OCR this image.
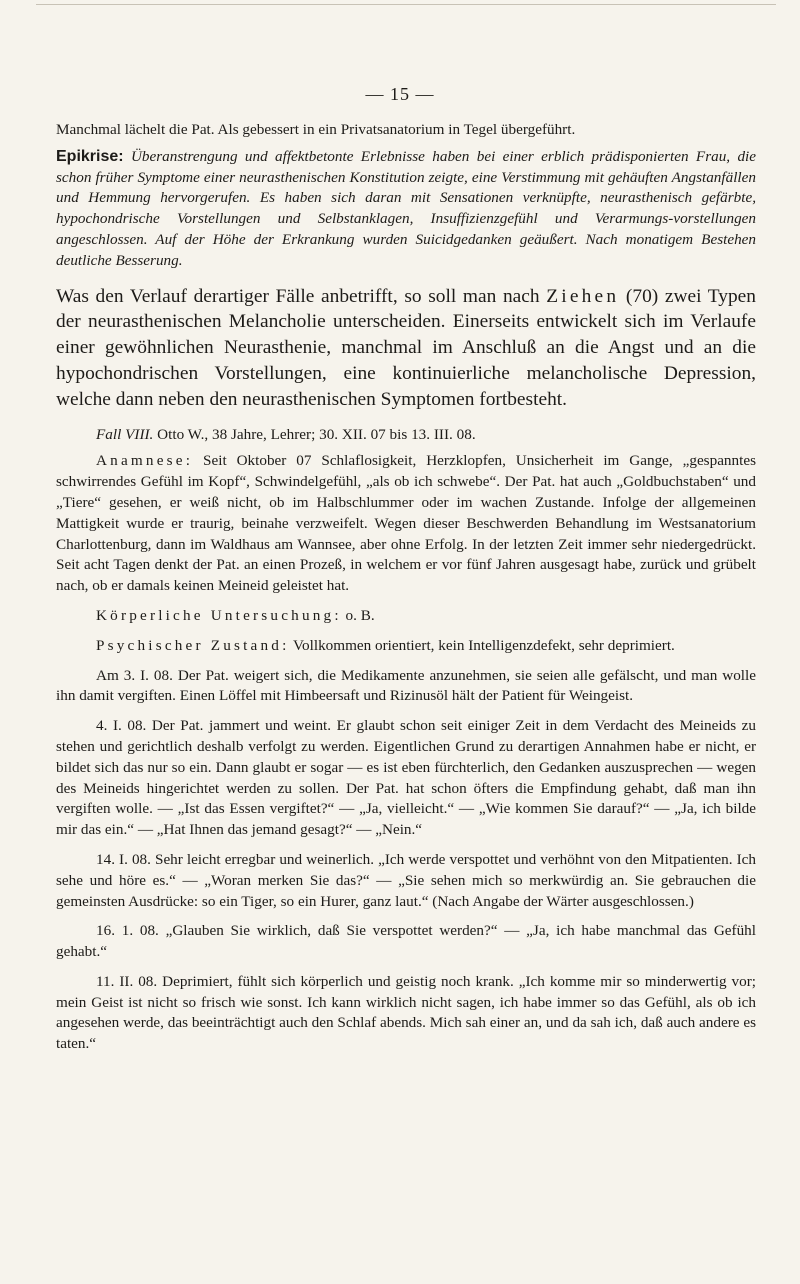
— 15 —

Manchmal lächelt die Pat. Als gebessert in ein Privatsanatorium in Tegel übergeführt.

Epikrise: Überanstrengung und affektbetonte Erlebnisse haben bei einer erblich prädisponierten Frau, die schon früher Symptome einer neurasthenischen Konstitution zeigte, eine Verstimmung mit gehäuften Angstanfällen und Hemmung hervorgerufen. Es haben sich daran mit Sensationen verknüpfte, neurasthenisch gefärbte, hypochondrische Vorstellungen und Selbstanklagen, Insuffizienzgefühl und Verarmungs-vorstellungen angeschlossen. Auf der Höhe der Erkrankung wurden Suicidgedanken geäußert. Nach monatigem Bestehen deutliche Besserung.

Was den Verlauf derartiger Fälle anbetrifft, so soll man nach Ziehen (70) zwei Typen der neurasthenischen Melancholie unterscheiden. Einerseits entwickelt sich im Verlaufe einer gewöhnlichen Neurasthenie, manchmal im Anschluß an die Angst und an die hypochondrischen Vorstellungen, eine kontinuierliche melancholische Depression, welche dann neben den neurasthenischen Symptomen fortbesteht.

Fall VIII. Otto W., 38 Jahre, Lehrer; 30. XII. 07 bis 13. III. 08.

Anamnese: Seit Oktober 07 Schlaflosigkeit, Herzklopfen, Unsicherheit im Gange, „gespanntes schwirrendes Gefühl im Kopf“, Schwindelgefühl, „als ob ich schwebe“. Der Pat. hat auch „Goldbuchstaben“ und „Tiere“ gesehen, er weiß nicht, ob im Halbschlummer oder im wachen Zustande. Infolge der allgemeinen Mattigkeit wurde er traurig, beinahe verzweifelt. Wegen dieser Beschwerden Behandlung im Westsanatorium Charlottenburg, dann im Waldhaus am Wannsee, aber ohne Erfolg. In der letzten Zeit immer sehr niedergedrückt. Seit acht Tagen denkt der Pat. an einen Prozeß, in welchem er vor fünf Jahren ausgesagt habe, zurück und grübelt nach, ob er damals keinen Meineid geleistet hat.

Körperliche Untersuchung: o. B.

Psychischer Zustand: Vollkommen orientiert, kein Intelligenzdefekt, sehr deprimiert.

Am 3. I. 08. Der Pat. weigert sich, die Medikamente anzunehmen, sie seien alle gefälscht, und man wolle ihn damit vergiften. Einen Löffel mit Himbeersaft und Rizinusöl hält der Patient für Weingeist.

4. I. 08. Der Pat. jammert und weint. Er glaubt schon seit einiger Zeit in dem Verdacht des Meineids zu stehen und gerichtlich deshalb verfolgt zu werden. Eigentlichen Grund zu derartigen Annahmen habe er nicht, er bildet sich das nur so ein. Dann glaubt er sogar — es ist eben fürchterlich, den Gedanken auszusprechen — wegen des Meineids hingerichtet werden zu sollen. Der Pat. hat schon öfters die Empfindung gehabt, daß man ihn vergiften wolle. — „Ist das Essen vergiftet?“ — „Ja, vielleicht.“ — „Wie kommen Sie darauf?“ — „Ja, ich bilde mir das ein.“ — „Hat Ihnen das jemand gesagt?“ — „Nein.“

14. I. 08. Sehr leicht erregbar und weinerlich. „Ich werde verspottet und verhöhnt von den Mitpatienten. Ich sehe und höre es.“ — „Woran merken Sie das?“ — „Sie sehen mich so merkwürdig an. Sie gebrauchen die gemeinsten Ausdrücke: so ein Tiger, so ein Hurer, ganz laut.“ (Nach Angabe der Wärter ausgeschlossen.)

16. 1. 08. „Glauben Sie wirklich, daß Sie verspottet werden?“ — „Ja, ich habe manchmal das Gefühl gehabt.“

11. II. 08. Deprimiert, fühlt sich körperlich und geistig noch krank. „Ich komme mir so minderwertig vor; mein Geist ist nicht so frisch wie sonst. Ich kann wirklich nicht sagen, ich habe immer so das Gefühl, als ob ich angesehen werde, das beeinträchtigt auch den Schlaf abends. Mich sah einer an, und da sah ich, daß auch andere es taten.“
